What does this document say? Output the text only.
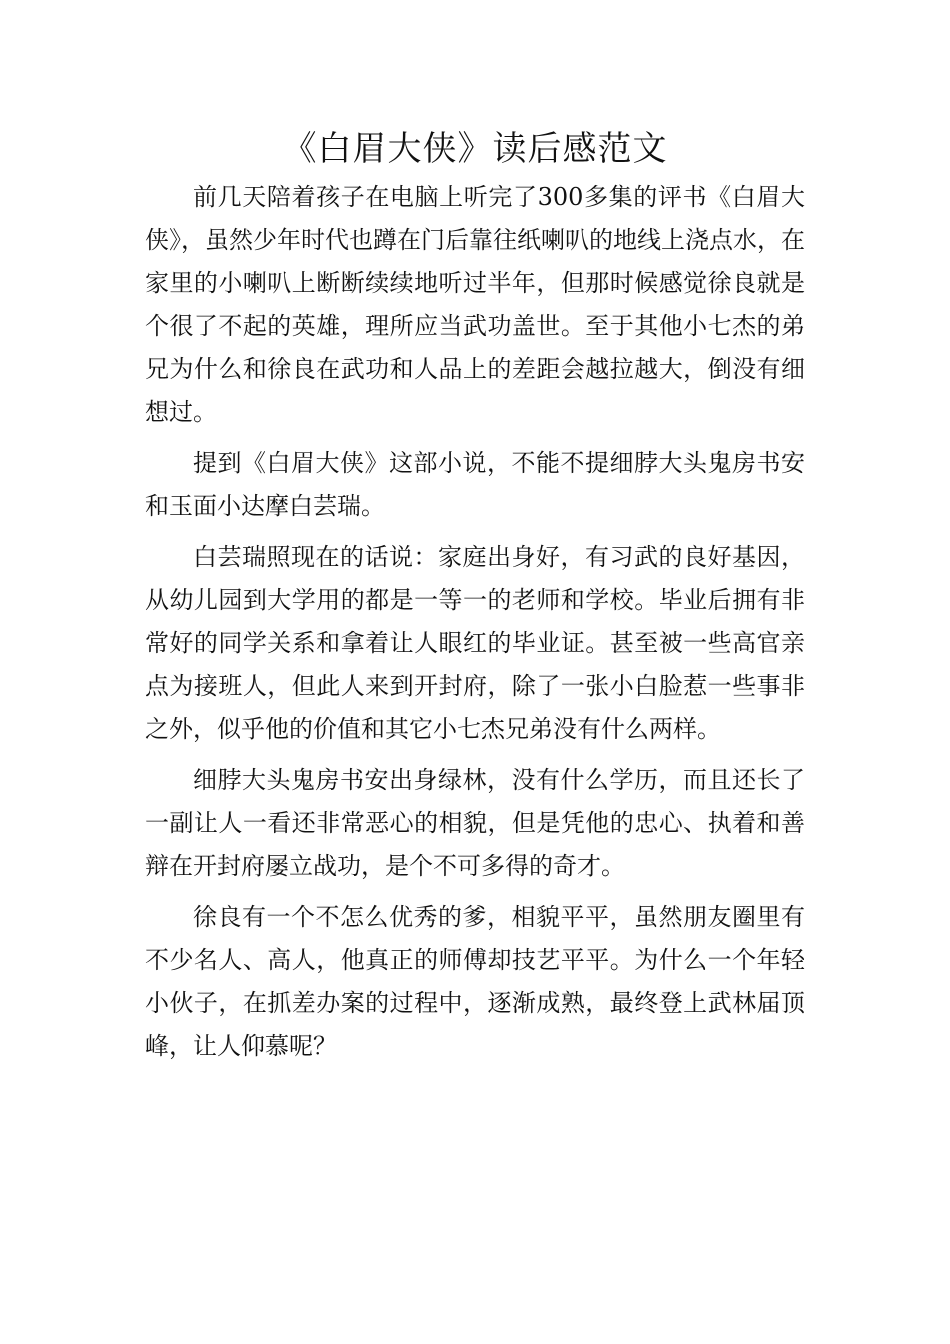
《白眉大侠》读后感范文

前几天陪着孩子在电脑上听完了300多集的评书《白眉大侠》，虽然少年时代也蹲在门后靠往纸喇叭的地线上浇点水，在家里的小喇叭上断断续续地听过半年，但那时候感觉徐良就是个很了不起的英雄，理所应当武功盖世。至于其他小七杰的弟兄为什么和徐良在武功和人品上的差距会越拉越大，倒没有细想过。

提到《白眉大侠》这部小说，不能不提细脖大头鬼房书安和玉面小达摩白芸瑞。

白芸瑞照现在的话说：家庭出身好，有习武的良好基因，从幼儿园到大学用的都是一等一的老师和学校。毕业后拥有非常好的同学关系和拿着让人眼红的毕业证。甚至被一些高官亲点为接班人，但此人来到开封府，除了一张小白脸惹一些事非之外，似乎他的价值和其它小七杰兄弟没有什么两样。

细脖大头鬼房书安出身绿林，没有什么学历，而且还长了一副让人一看还非常恶心的相貌，但是凭他的忠心、执着和善辩在开封府屡立战功，是个不可多得的奇才。

徐良有一个不怎么优秀的爹，相貌平平，虽然朋友圈里有不少名人、高人，他真正的师傅却技艺平平。为什么一个年轻小伙子，在抓差办案的过程中，逐渐成熟，最终登上武林届顶峰，让人仰慕呢？
